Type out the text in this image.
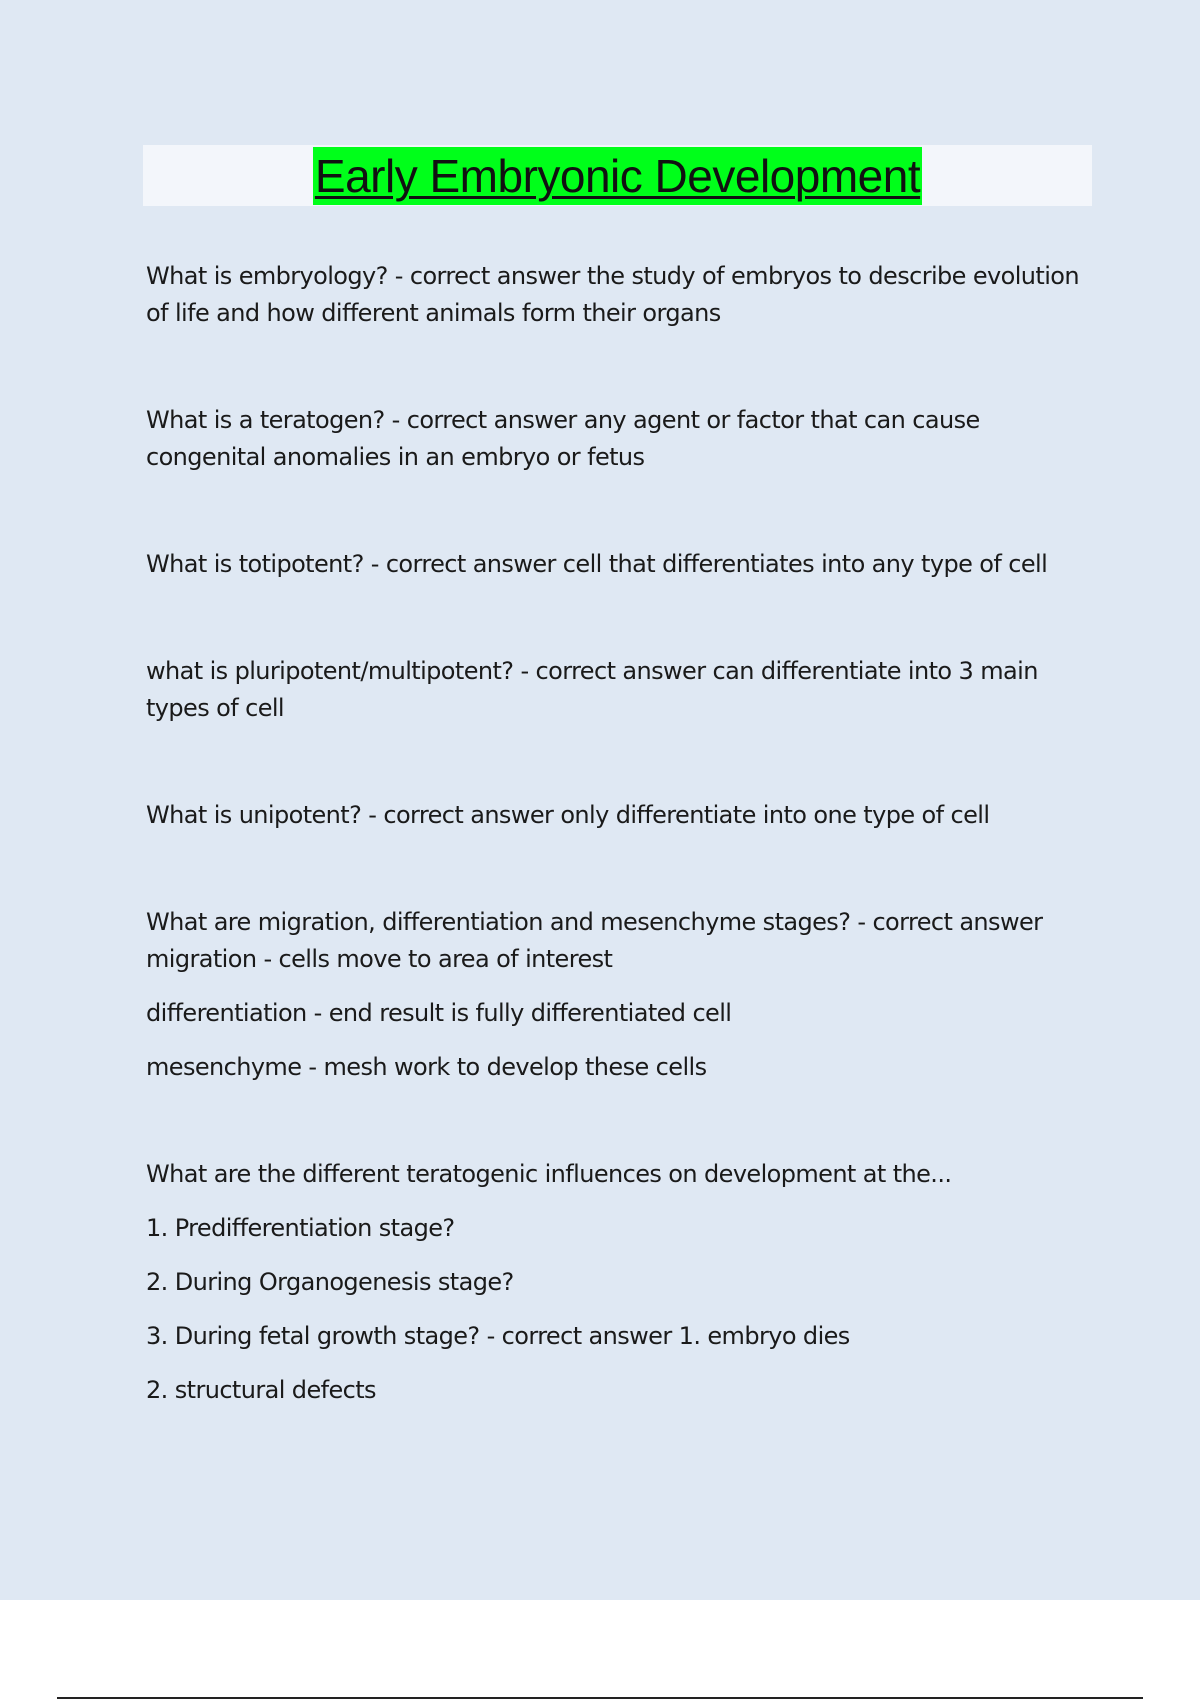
Early Embryonic Development

What is embryology? - correct answer the study of embryos to describe evolution of life and how different animals form their organs

What is a teratogen? - correct answer any agent or factor that can cause congenital anomalies in an embryo or fetus

What is totipotent? - correct answer cell that differentiates into any type of cell

what is pluripotent/multipotent? - correct answer can differentiate into 3 main types of cell

What is unipotent? - correct answer only differentiate into one type of cell

What are migration, differentiation and mesenchyme stages? - correct answer migration - cells move to area of interest

differentiation - end result is fully differentiated cell

mesenchyme - mesh work to develop these cells

What are the different teratogenic influences on development at the...

1. Predifferentiation stage?

2. During Organogenesis stage?

3. During fetal growth stage? - correct answer 1. embryo dies

2. structural defects
